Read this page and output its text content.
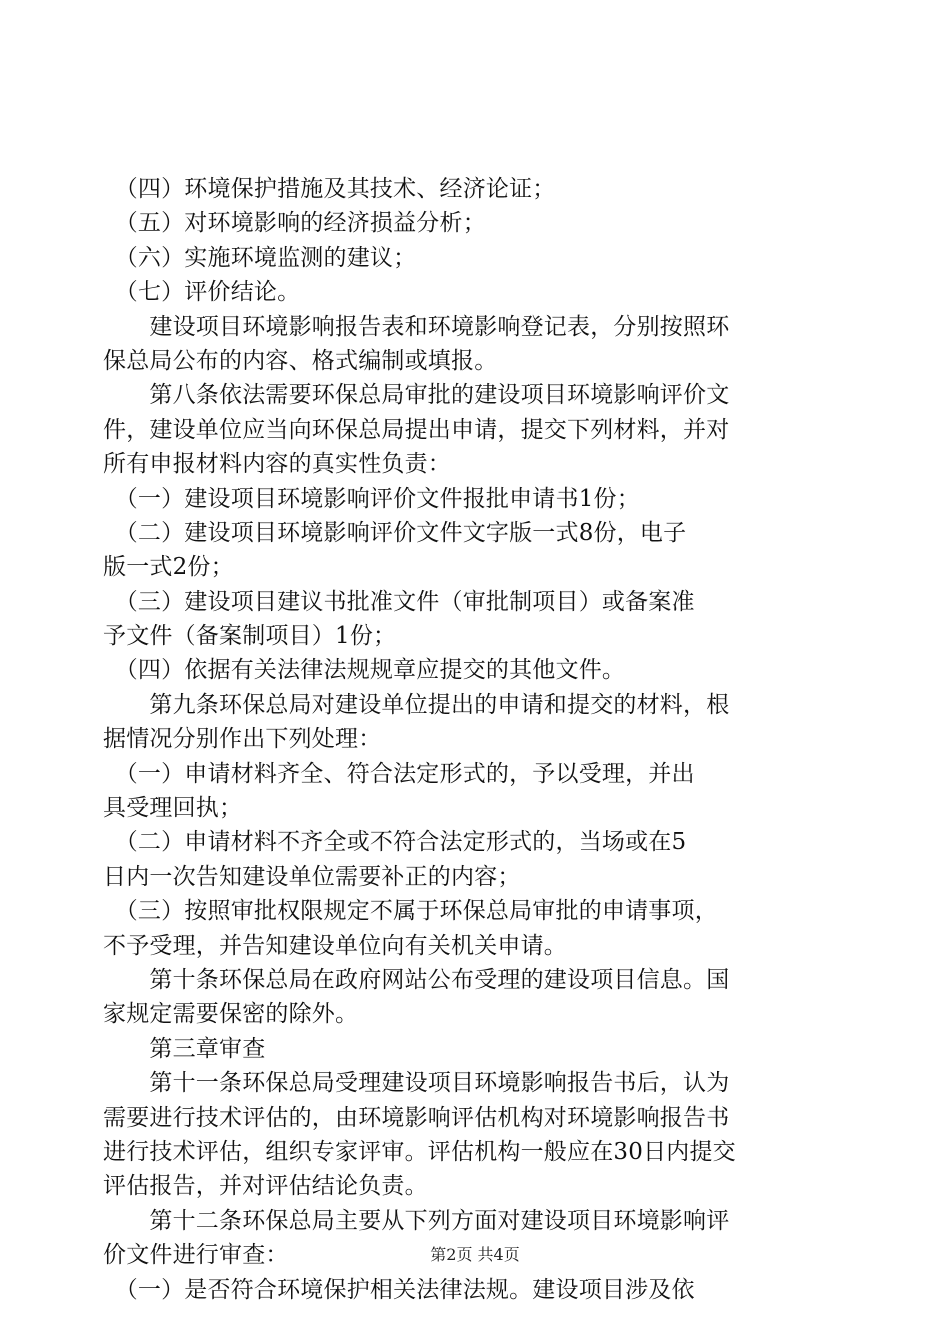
　（四）环境保护措施及其技术、经济论证；
　（五）对环境影响的经济损益分析；
　（六）实施环境监测的建议；
　（七）评价结论。
　　建设项目环境影响报告表和环境影响登记表，分别按照环
保总局公布的内容、格式编制或填报。
　　第八条依法需要环保总局审批的建设项目环境影响评价文
件，建设单位应当向环保总局提出申请，提交下列材料，并对
所有申报材料内容的真实性负责：
　（一）建设项目环境影响评价文件报批申请书1份；
　（二）建设项目环境影响评价文件文字版一式8份，电子
版一式2份；
　（三）建设项目建议书批准文件（审批制项目）或备案准
予文件（备案制项目）1份；
　（四）依据有关法律法规规章应提交的其他文件。
　　第九条环保总局对建设单位提出的申请和提交的材料，根
据情况分别作出下列处理：
　（一）申请材料齐全、符合法定形式的，予以受理，并出
具受理回执；
　（二）申请材料不齐全或不符合法定形式的，当场或在5
日内一次告知建设单位需要补正的内容；
　（三）按照审批权限规定不属于环保总局审批的申请事项，
不予受理，并告知建设单位向有关机关申请。
　　第十条环保总局在政府网站公布受理的建设项目信息。国
家规定需要保密的除外。
　　第三章审查
　　第十一条环保总局受理建设项目环境影响报告书后，认为
需要进行技术评估的，由环境影响评估机构对环境影响报告书
进行技术评估，组织专家评审。评估机构一般应在30日内提交
评估报告，并对评估结论负责。
　　第十二条环保总局主要从下列方面对建设项目环境影响评
价文件进行审查：
　（一）是否符合环境保护相关法律法规。建设项目涉及依
第2页 共4页
